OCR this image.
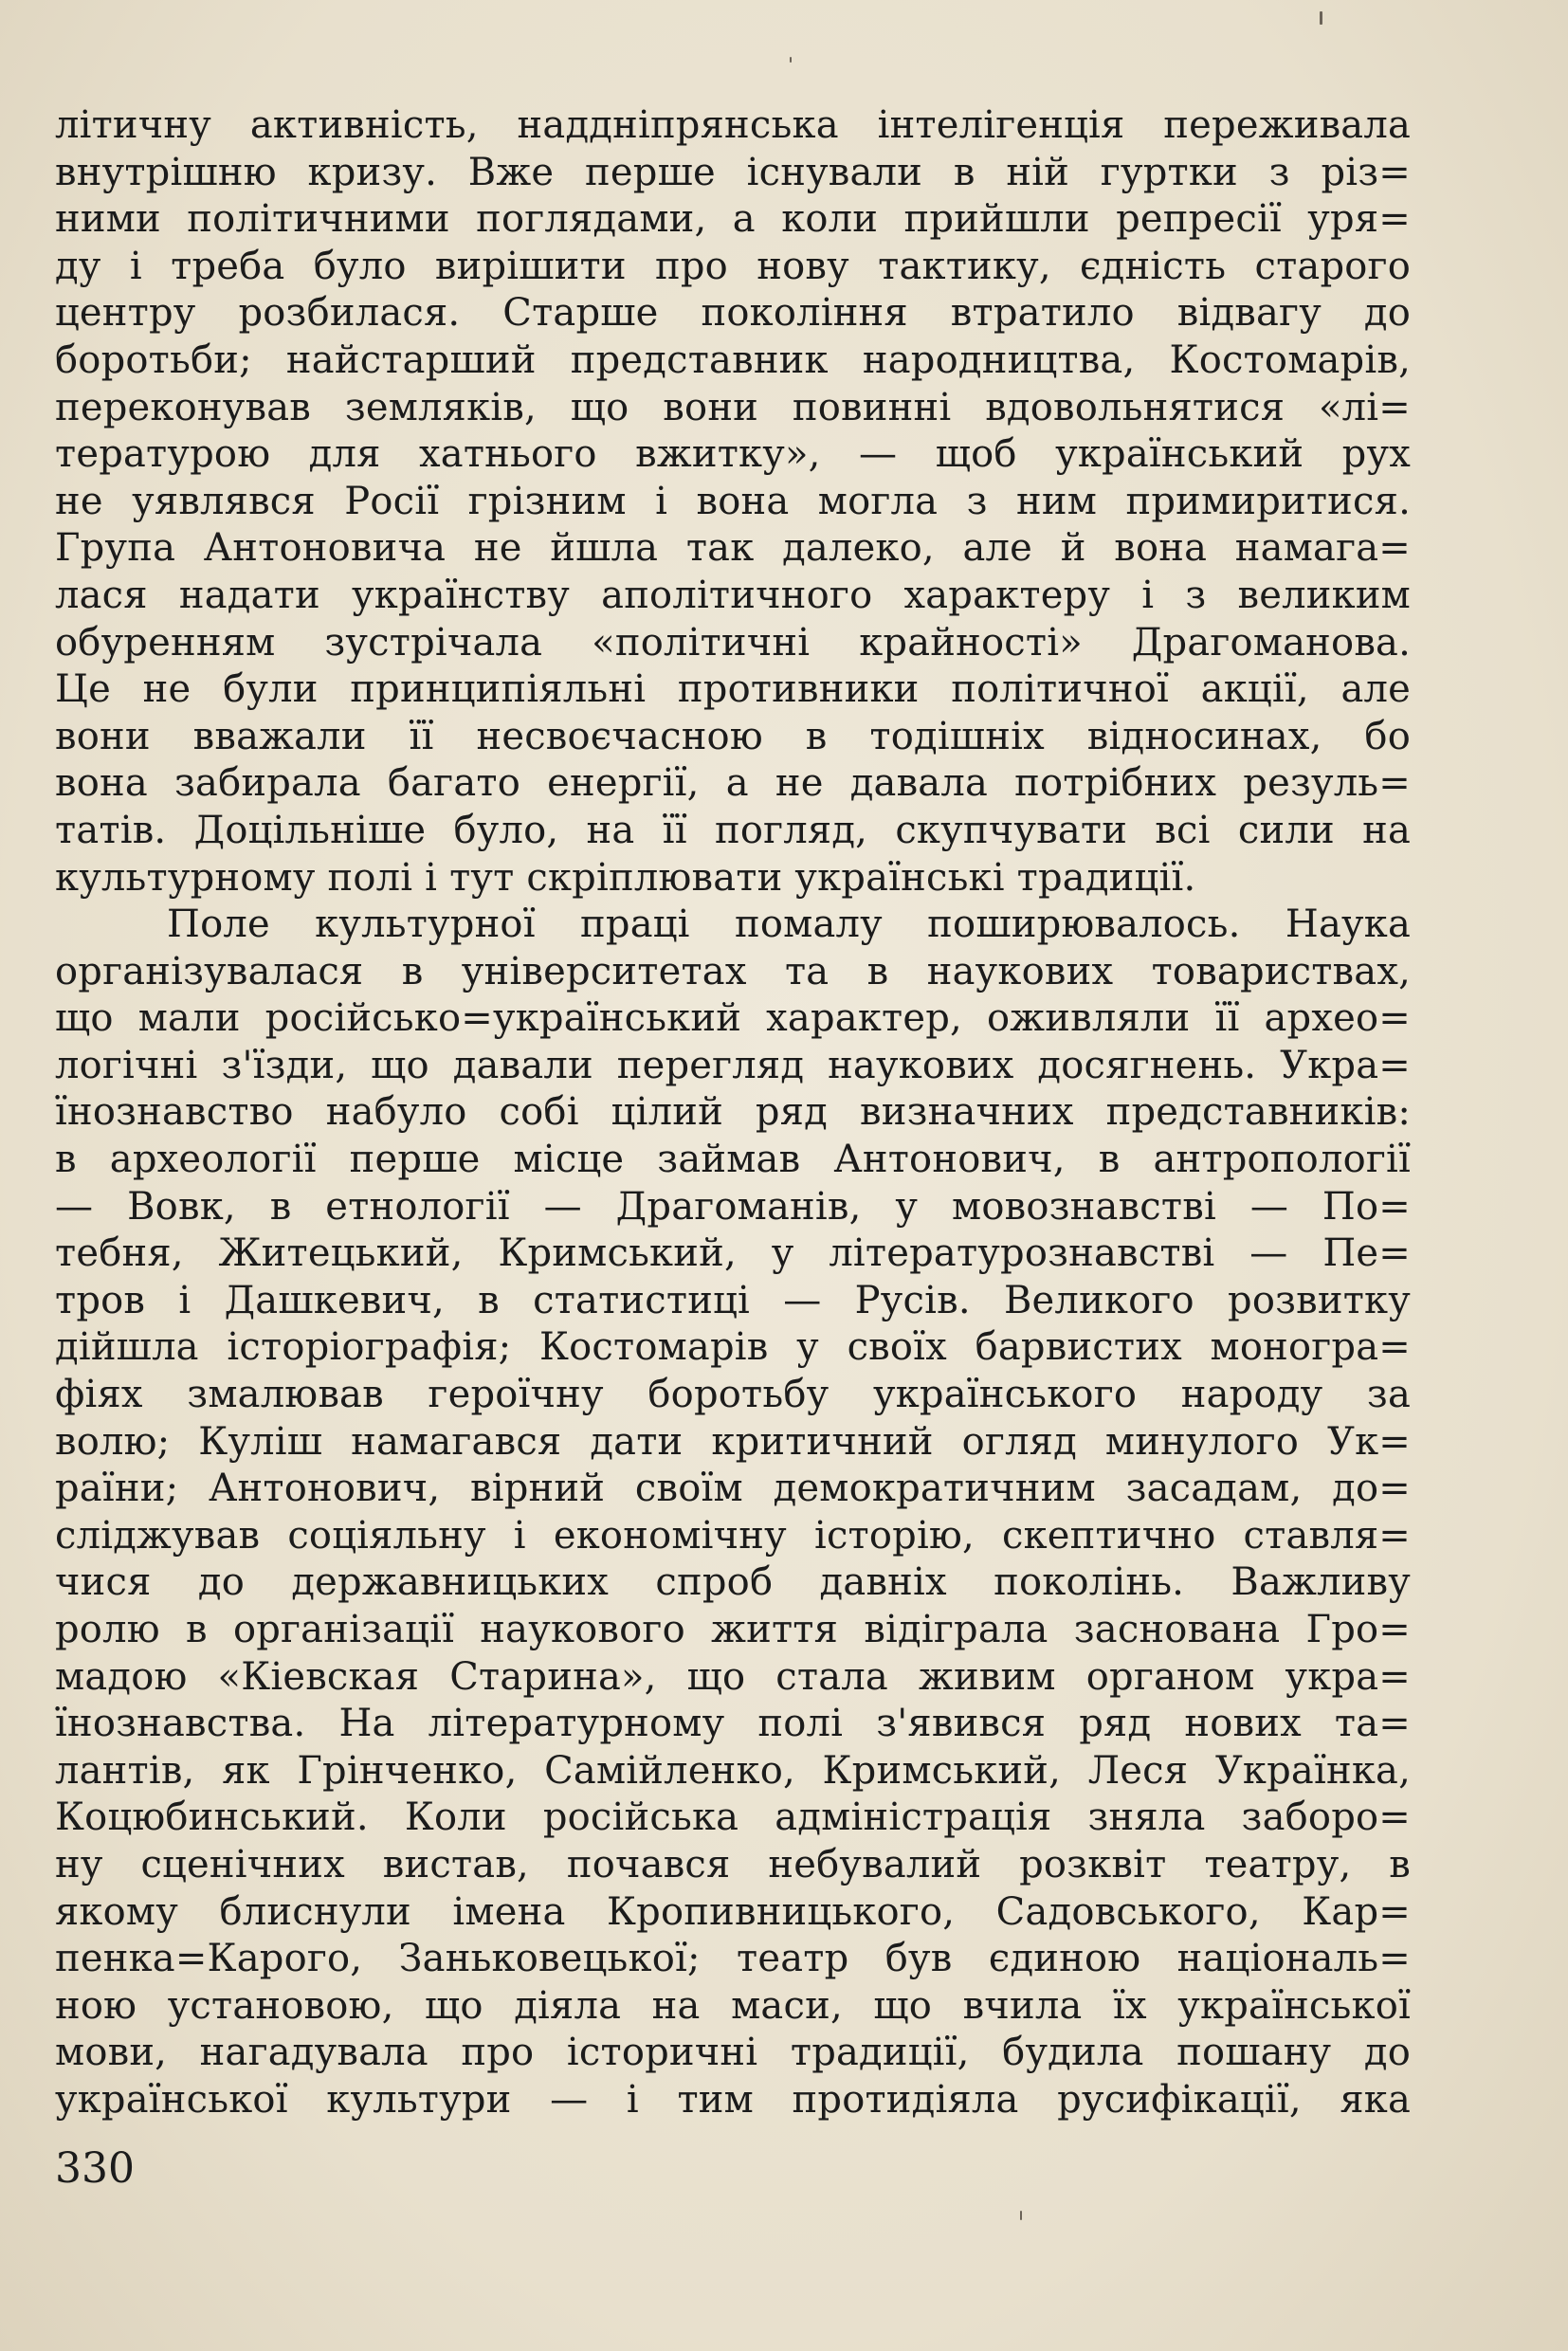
літичну активність, наддніпрянська інтелігенція переживала
внутрішню кризу. Вже перше існували в ній гуртки з різ=
ними політичними поглядами, а коли прийшли репресії уря=
ду і треба було вирішити про нову тактику, єдність старого
центру розбилася. Старше покоління втратило відвагу до
боротьби; найстарший представник народництва, Костомарів,
переконував земляків, що вони повинні вдовольнятися «лі=
тературою для хатнього вжитку», — щоб український рух
не уявлявся Росії грізним і вона могла з ним примиритися.
Група Антоновича не йшла так далеко, але й вона намага=
лася надати українству аполітичного характеру і з великим
обуренням зустрічала «політичні крайності» Драгоманова.
Це не були принципіяльні противники політичної акції, але
вони вважали її несвоєчасною в тодішніх відносинах, бо
вона забирала багато енергії, а не давала потрібних резуль=
татів. Доцільніше було, на її погляд, скупчувати всі сили на
культурному полі і тут скріплювати українські традиції.
Поле культурної праці помалу поширювалось. Наука
організувалася в університетах та в наукових товариствах,
що мали російсько=український характер, оживляли її архео=
логічні з'їзди, що давали перегляд наукових досягнень. Укра=
їнознавство набуло собі цілий ряд визначних представників:
в археології перше місце займав Антонович, в антропології
— Вовк, в етнології — Драгоманів, у мовознавстві — По=
тебня, Житецький, Кримський, у літературознавстві — Пе=
тров і Дашкевич, в статистиці — Русів. Великого розвитку
дійшла історіографія; Костомарів у своїх барвистих моногра=
фіях змалював героїчну боротьбу українського народу за
волю; Куліш намагався дати критичний огляд минулого Ук=
раїни; Антонович, вірний своїм демократичним засадам, до=
сліджував соціяльну і економічну історію, скептично ставля=
чися до державницьких спроб давніх поколінь. Важливу
ролю в організації наукового життя відіграла заснована Гро=
мадою «Кіевская Старина», що стала живим органом укра=
їнознавства. На літературному полі з'явився ряд нових та=
лантів, як Грінченко, Самійленко, Кримський, Леся Українка,
Коцюбинський. Коли російська адміністрація зняла заборо=
ну сценічних вистав, почався небувалий розквіт театру, в
якому блиснули імена Кропивницького, Садовського, Кар=
пенка=Карого, Заньковецької; театр був єдиною національ=
ною установою, що діяла на маси, що вчила їх української
мови, нагадувала про історичні традиції, будила пошану до
української культури — і тим протидіяла русифікації, яка
330
